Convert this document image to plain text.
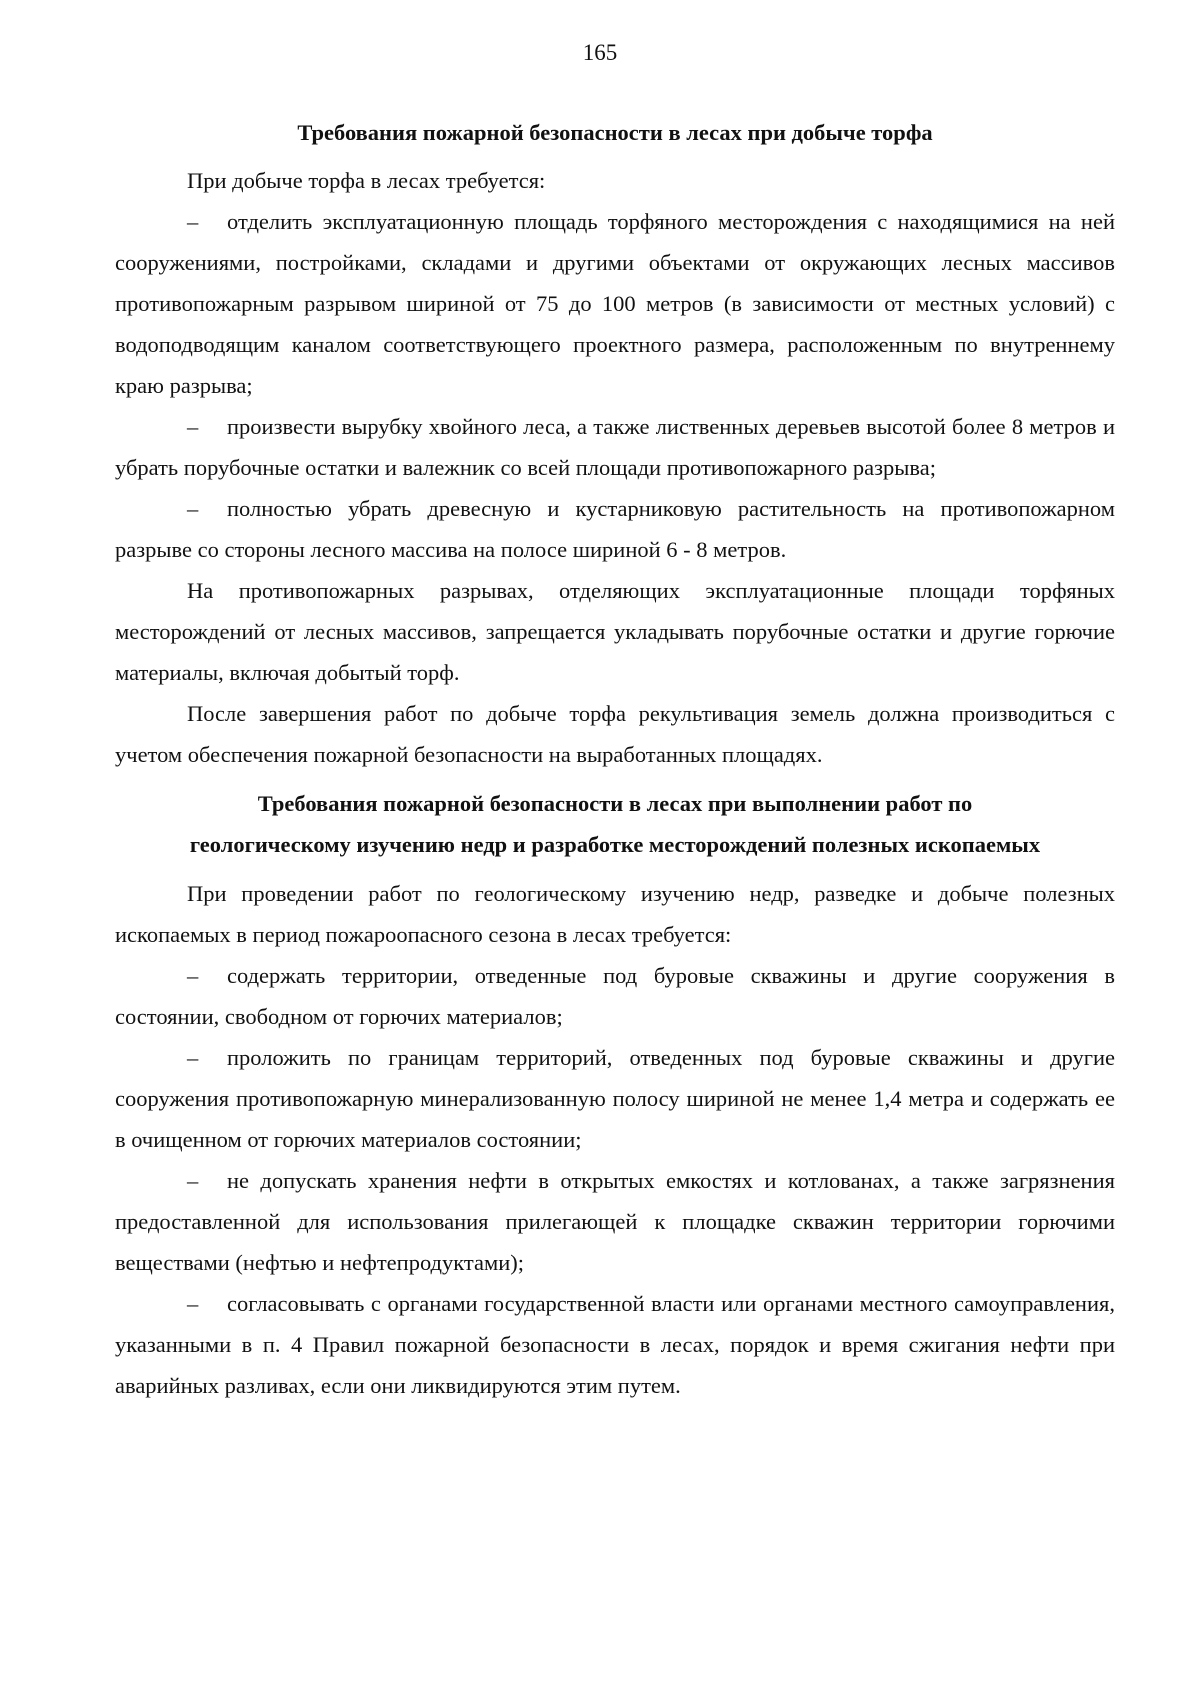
165
Требования пожарной безопасности в лесах при добыче торфа

При добыче торфа в лесах требуется:

– отделить эксплуатационную площадь торфяного месторождения с находящимися на ней сооружениями, постройками, складами и другими объектами от окружающих лесных массивов противопожарным разрывом шириной от 75 до 100 метров (в зависимости от местных условий) с водоподводящим каналом соответствующего проектного размера, расположенным по внутреннему краю разрыва;

– произвести вырубку хвойного леса, а также лиственных деревьев высотой более 8 метров и убрать порубочные остатки и валежник со всей площади противопожарного разрыва;

– полностью убрать древесную и кустарниковую растительность на противопожарном разрыве со стороны лесного массива на полосе шириной 6 - 8 метров.

На противопожарных разрывах, отделяющих эксплуатационные площади торфяных месторождений от лесных массивов, запрещается укладывать порубочные остатки и другие горючие материалы, включая добытый торф.

После завершения работ по добыче торфа рекультивация земель должна производиться с учетом обеспечения пожарной безопасности на выработанных площадях.

Требования пожарной безопасности в лесах при выполнении работ по
геологическому изучению недр и разработке месторождений полезных ископаемых

При проведении работ по геологическому изучению недр, разведке и добыче полезных ископаемых в период пожароопасного сезона в лесах требуется:

– содержать территории, отведенные под буровые скважины и другие сооружения в состоянии, свободном от горючих материалов;

– проложить по границам территорий, отведенных под буровые скважины и другие сооружения противопожарную минерализованную полосу шириной не менее 1,4 метра и содержать ее в очищенном от горючих материалов состоянии;

– не допускать хранения нефти в открытых емкостях и котлованах, а также загрязнения предоставленной для использования прилегающей к площадке скважин территории горючими веществами (нефтью и нефтепродуктами);

– согласовывать с органами государственной власти или органами местного самоуправления, указанными в п. 4 Правил пожарной безопасности в лесах, порядок и время сжигания нефти при аварийных разливах, если они ликвидируются этим путем.
